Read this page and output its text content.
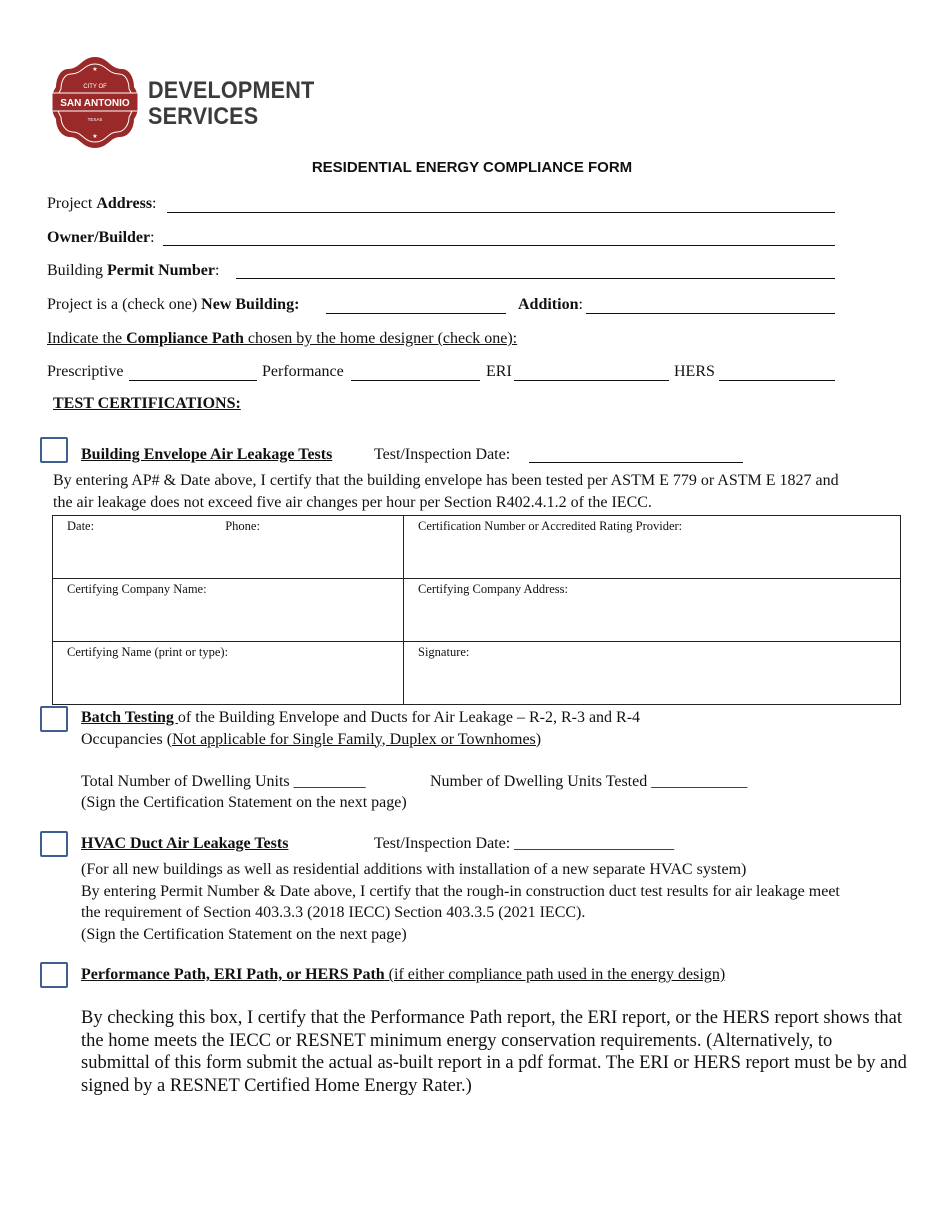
★
CITY OF
SAN ANTONIO
TEXAS
★
DEVELOPMENT
SERVICES
RESIDENTIAL ENERGY COMPLIANCE FORM
Project Address:
Owner/Builder:
Building Permit Number:
Project is a (check one) New Building:	Addition:
Indicate the Compliance Path chosen by the home designer (check one):
Prescriptive	Performance	ERI	HERS
TEST CERTIFICATIONS:
Building Envelope Air Leakage Tests	Test/Inspection Date:
By entering AP# & Date above, I certify that the building envelope has been tested per ASTM E 779 or ASTM E 1827 and
the air leakage does not exceed five air changes per hour per Section R402.4.1.2 of the IECC.
Date: Phone:	Certification Number or Accredited Rating Provider:
Certifying Company Name:	Certifying Company Address:
Certifying Name (print or type):	Signature:
Batch Testing of the Building Envelope and Ducts for Air Leakage – R-2, R-3 and R-4
Occupancies (Not applicable for Single Family, Duplex or Townhomes)
Total Number of Dwelling Units _________	Number of Dwelling Units Tested ____________
(Sign the Certification Statement on the next page)
HVAC Duct Air Leakage Tests	Test/Inspection Date: ____________________
(For all new buildings as well as residential additions with installation of a new separate HVAC system)
By entering Permit Number & Date above, I certify that the rough-in construction duct test results for air leakage meet
the requirement of Section 403.3.3 (2018 IECC) Section 403.3.5 (2021 IECC).
(Sign the Certification Statement on the next page)
Performance Path, ERI Path, or HERS Path (if either compliance path used in the energy design)
By checking this box, I certify that the Performance Path report, the ERI report, or the HERS report shows that
the home meets the IECC or RESNET minimum energy conservation requirements. (Alternatively, to
submittal of this form submit the actual as-built report in a pdf format. The ERI or HERS report must be by and
signed by a RESNET Certified Home Energy Rater.)
